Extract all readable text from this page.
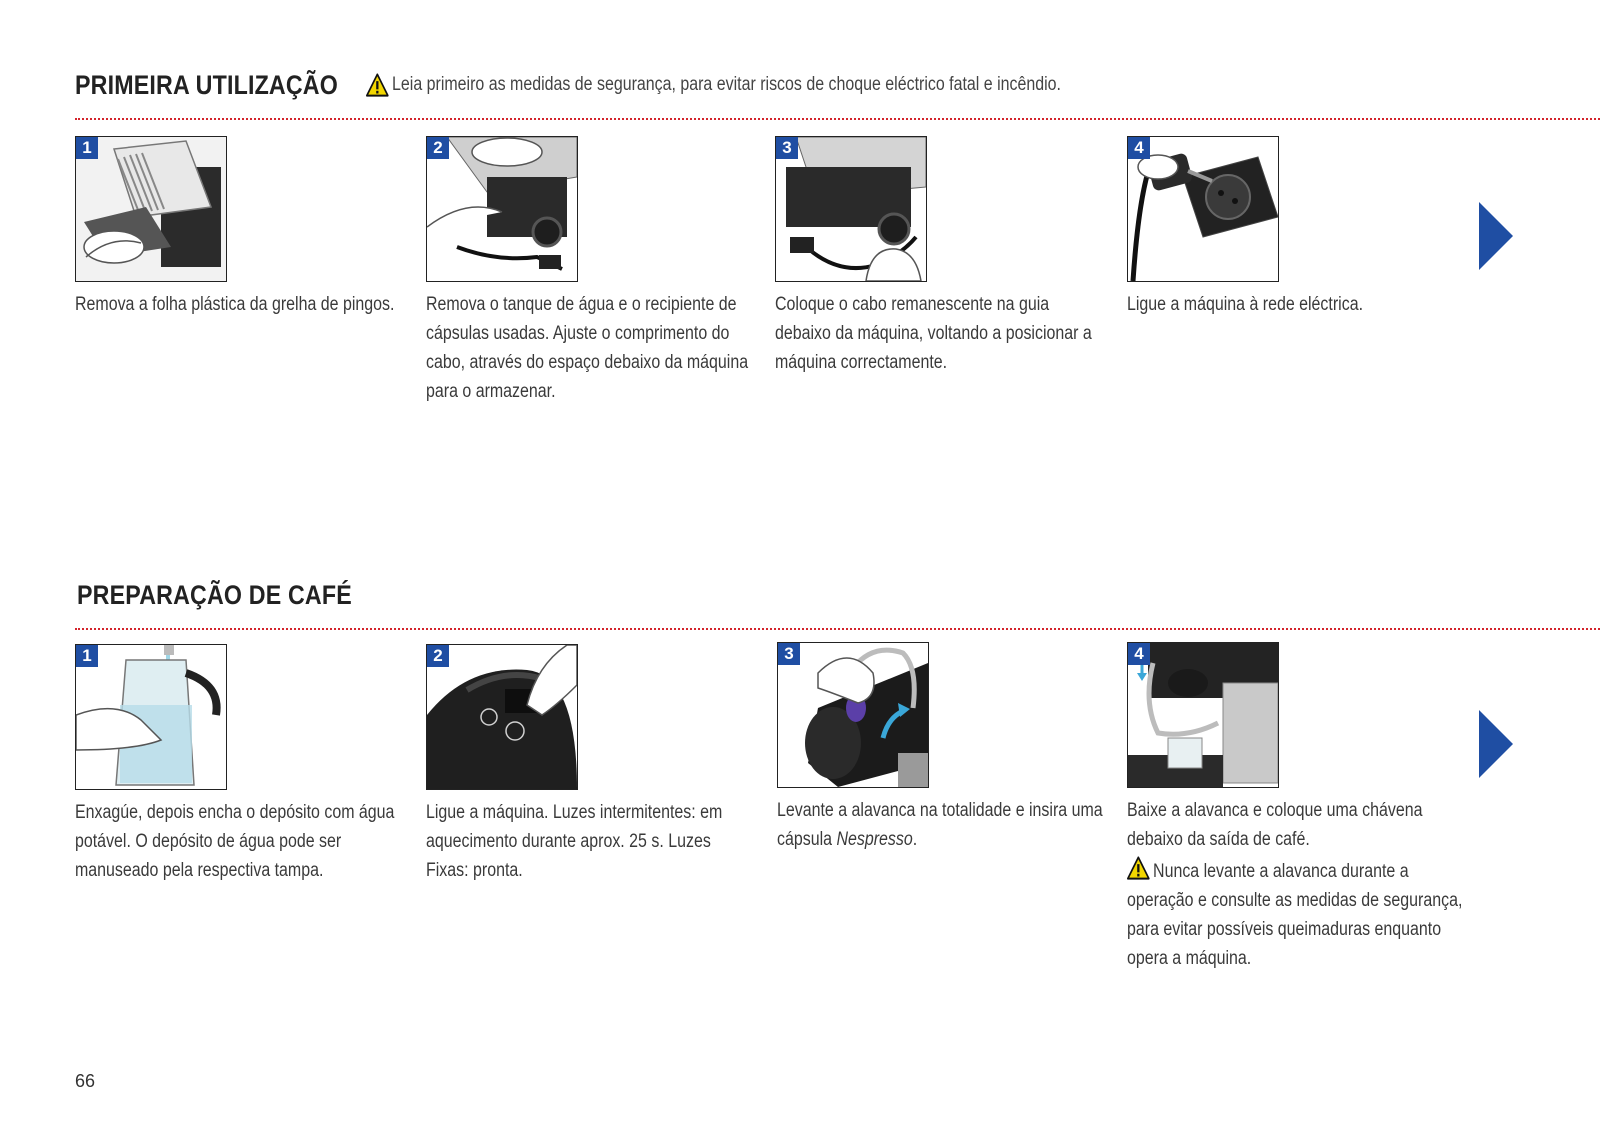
PRIMEIRA UTILIZAÇÃO	Leia primeiro as medidas de segurança, para evitar riscos de choque eléctrico fatal e incêndio.
1

Remova a folha plástica da grelha de pingos.

2

Remova o tanque de água e o recipiente de cápsulas usadas. Ajuste o comprimento do cabo, através do espaço debaixo da máquina para o armazenar.

3

Coloque o cabo remanescente na guia debaixo da máquina, voltando a posicionar a máquina correctamente.

4

Ligue a máquina à rede eléctrica.

PREPARAÇÃO DE CAFÉ
1

Enxagúe, depois encha o depósito com água potável. O depósito de água pode ser manuseado pela respectiva tampa.

2

Ligue a máquina. Luzes intermitentes: em aquecimento durante aprox. 25 s. Luzes Fixas: pronta.

3

Levante a alavanca na totalidade e insira uma cápsula Nespresso.

4

Baixe a alavanca e coloque uma chávena debaixo da saída de café.

Nunca levante a alavanca durante a operação e consulte as medidas de segurança, para evitar possíveis queimaduras enquanto opera a máquina.

66
